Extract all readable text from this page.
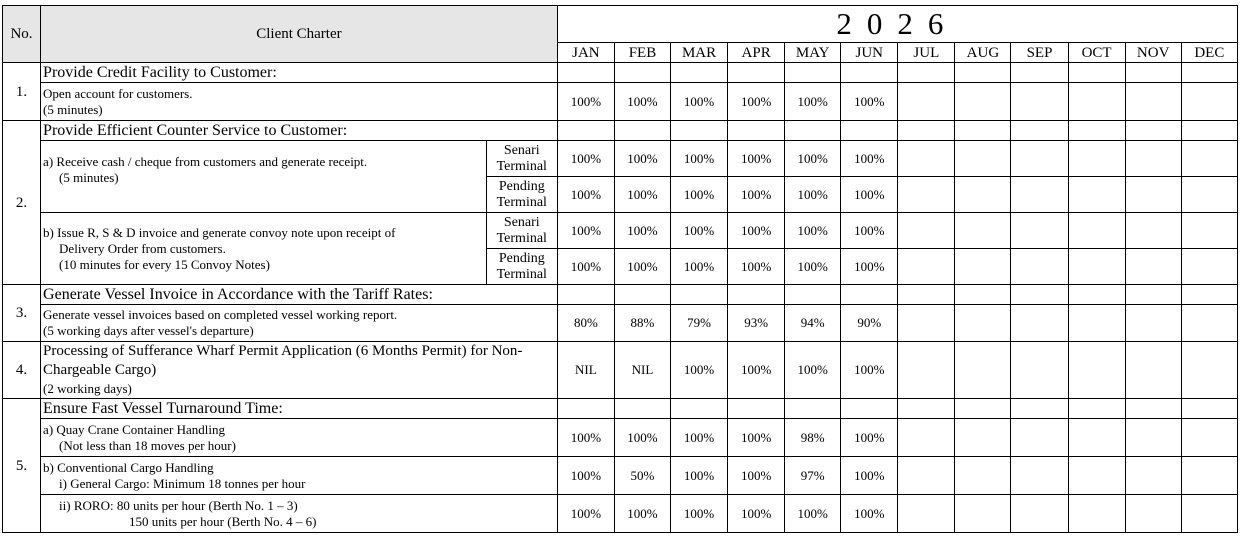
No.	Client Charter		2026											
			JAN	FEB	MAR	APR	MAY	JUN	JUL	AUG	SEP	OCT	NOV	DEC
1.	Provide Credit Facility to Customer:													

	Open account for customers.
(5 minutes)		100%	100%	100%	100%	100%	100%						
2.	Provide Efficient Counter Service to Customer:													

	a) Receive cash / cheque from customers and generate receipt.
(5 minutes)	Senari Terminal	100%	100%	100%	100%	100%	100%						
		Pending Terminal	100%	100%	100%	100%	100%	100%						

	b) Issue R, S & D invoice and generate convoy note upon receipt of
Delivery Order from customers.
(10 minutes for every 15 Convoy Notes)	Senari Terminal	100%	100%	100%	100%	100%	100%						
		Pending Terminal	100%	100%	100%	100%	100%	100%						
3.	Generate Vessel Invoice in Accordance with the Tariff Rates:													

	Generate vessel invoices based on completed vessel working report.
(5 working days after vessel's departure)		80%	88%	79%	93%	94%	90%						
4.	Processing of Sufferance Wharf Permit Application (6 Months Permit) for Non-
Chargeable Cargo)
(2 working days)		NIL	NIL	100%	100%	100%	100%						
5.	Ensure Fast Vessel Turnaround Time:													

	a) Quay Crane Container Handling
(Not less than 18 moves per hour)		100%	100%	100%	100%	98%	100%						

	b) Conventional Cargo Handling
i) General Cargo: Minimum 18 tonnes per hour		100%	50%	100%	100%	97%	100%						

	ii) RORO: 80 units per hour (Berth No. 1 – 3)
150 units per hour (Berth No. 4 – 6)		100%	100%	100%	100%	100%	100%						
